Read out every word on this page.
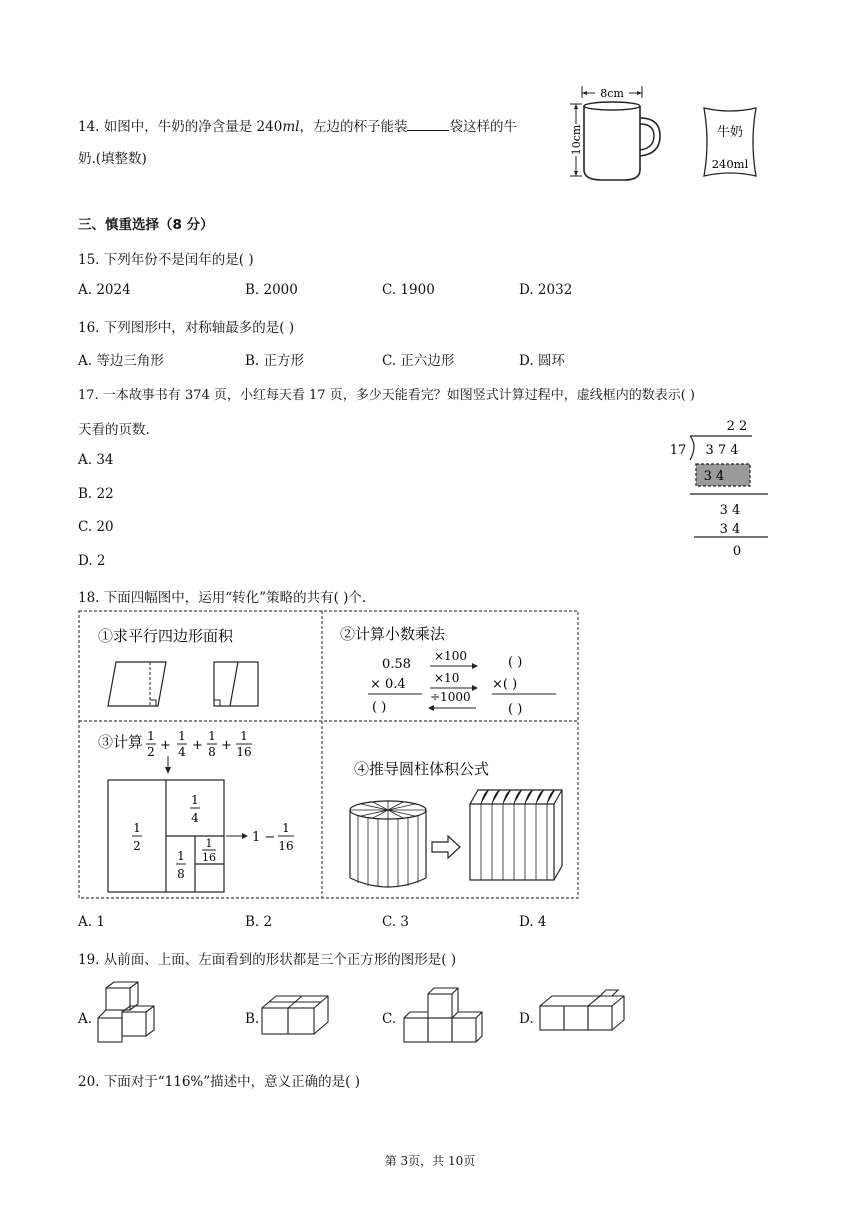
14. 如图中，牛奶的净含量是 240ml，左边的杯子能装	袋这样的牛
奶.(填整数)
8cm
10cm	牛奶
240ml
三、慎重选择（8 分）
15. 下列年份不是闰年的是( )
A. 2024	B. 2000	C. 1900	D. 2032
16. 下列图形中，对称轴最多的是( )
A. 等边三角形	B. 正方形	C. 正六边形	D. 圆环
17. 一本故事书有 374 页，小红每天看 17 页，多少天能看完？如图竖式计算过程中，虚线框内的数表示( )
天看的页数.
A. 34
B. 22
C. 20
D. 2
2 2
17 3 7 4
3 4
3 4
3 4
0
18. 下面四幅图中，运用“转化”策略的共有( )个.
①求平行四边形面积	②计算小数乘法
0.58
× 0.4
( )
×100
×10
÷1000
( )
×( )
( )
③计算 1
2 +
1
4 +
1
8 +
1
16
1
2
1
4
1
8
1
16
1 −
1
16
④推导圆柱体积公式
A. 1	B. 2	C. 3	D. 4
19. 从前面、上面、左面看到的形状都是三个正方形的图形是( )
A.	B.	C.	D.
20. 下面对于“116%”描述中，意义正确的是( )
第 3页，共 10页
